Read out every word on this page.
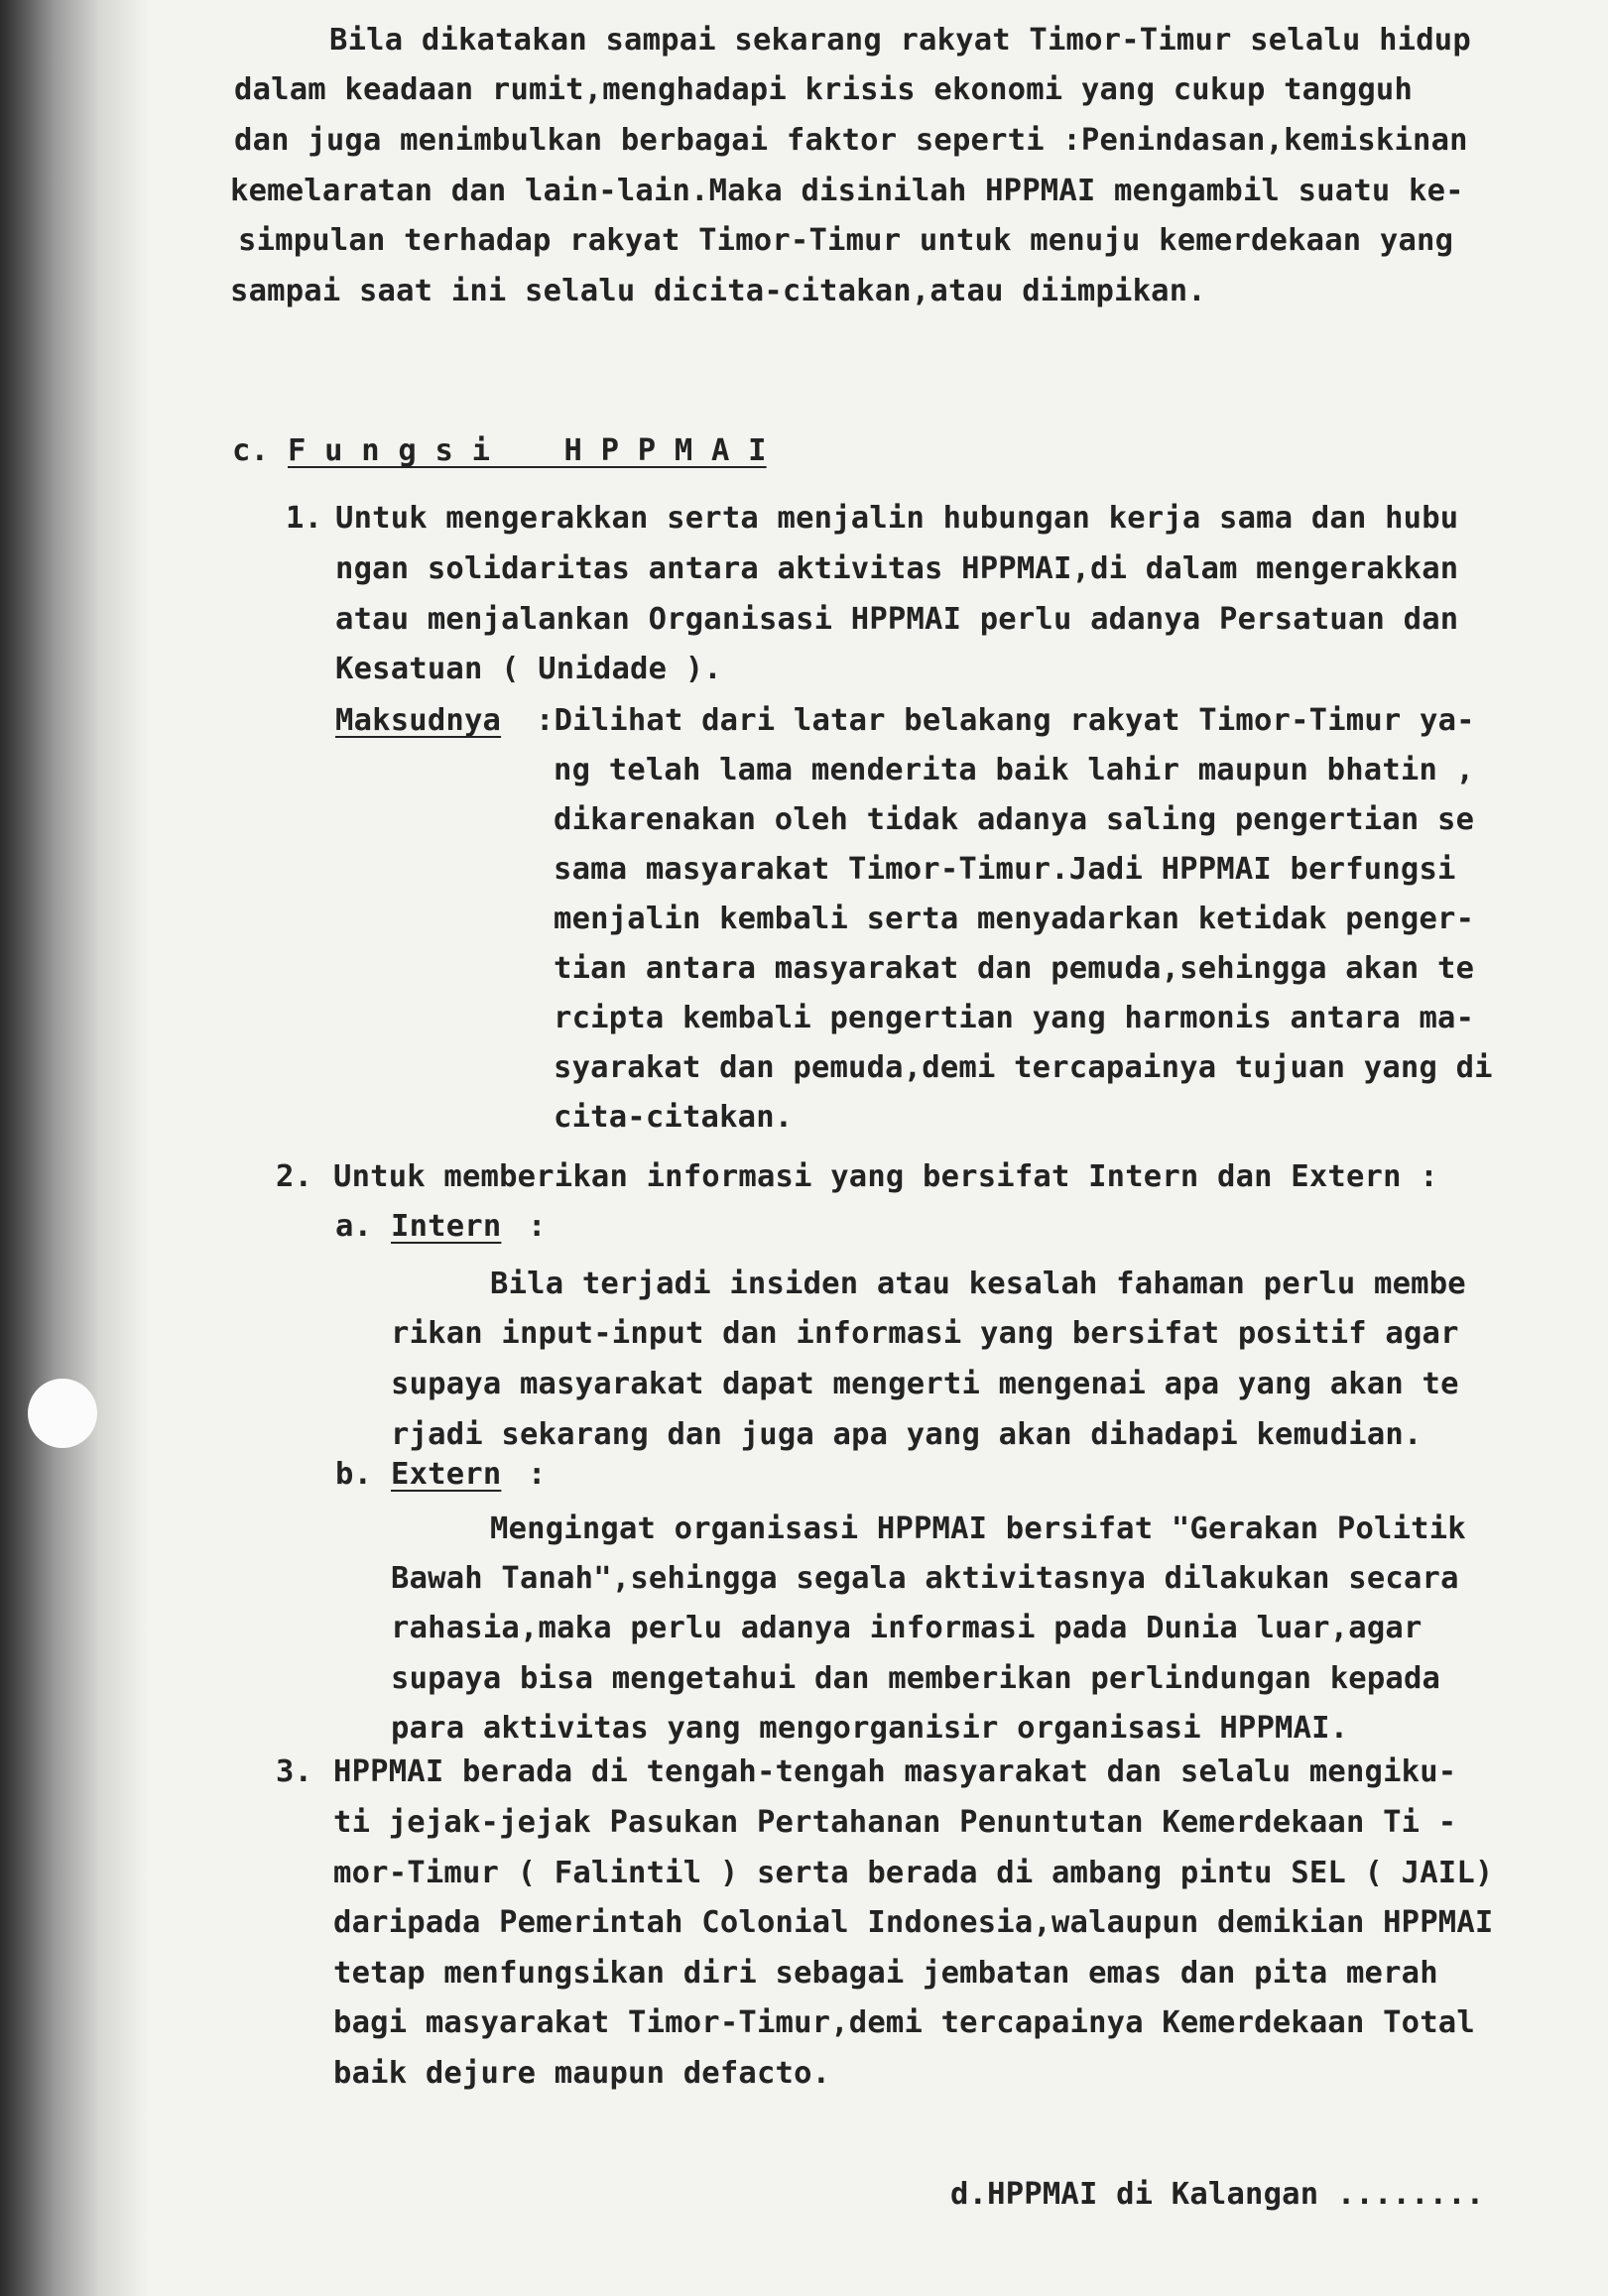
Bila dikatakan sampai sekarang rakyat Timor-Timur selalu hidup
dalam keadaan rumit,menghadapi krisis ekonomi yang cukup tangguh
dan juga menimbulkan berbagai faktor seperti :Penindasan,kemiskinan
kemelaratan dan lain-lain.Maka disinilah HPPMAI mengambil suatu ke-
simpulan terhadap rakyat Timor-Timur untuk menuju kemerdekaan yang
sampai saat ini selalu dicita-citakan,atau diimpikan.
c. F u n g s i    H P P M A I
1. Untuk mengerakkan serta menjalin hubungan kerja sama dan hubu
ngan solidaritas antara aktivitas HPPMAI,di dalam mengerakkan
atau menjalankan Organisasi HPPMAI perlu adanya Persatuan dan
Kesatuan ( Unidade ).
Maksudnya :Dilihat dari latar belakang rakyat Timor-Timur ya-
ng telah lama menderita baik lahir maupun bhatin ,
dikarenakan oleh tidak adanya saling pengertian se
sama masyarakat Timor-Timur.Jadi HPPMAI berfungsi
menjalin kembali serta menyadarkan ketidak penger-
tian antara masyarakat dan pemuda,sehingga akan te
rcipta kembali pengertian yang harmonis antara ma-
syarakat dan pemuda,demi tercapainya tujuan yang di
cita-citakan.
2. Untuk memberikan informasi yang bersifat Intern dan Extern :
a. Intern :
Bila terjadi insiden atau kesalah fahaman perlu membe
rikan input-input dan informasi yang bersifat positif agar
supaya masyarakat dapat mengerti mengenai apa yang akan te
rjadi sekarang dan juga apa yang akan dihadapi kemudian.
b. Extern :
Mengingat organisasi HPPMAI bersifat "Gerakan Politik
Bawah Tanah",sehingga segala aktivitasnya dilakukan secara
rahasia,maka perlu adanya informasi pada Dunia luar,agar
supaya bisa mengetahui dan memberikan perlindungan kepada
para aktivitas yang mengorganisir organisasi HPPMAI.
3. HPPMAI berada di tengah-tengah masyarakat dan selalu mengiku-
ti jejak-jejak Pasukan Pertahanan Penuntutan Kemerdekaan Ti -
mor-Timur ( Falintil ) serta berada di ambang pintu SEL ( JAIL)
daripada Pemerintah Colonial Indonesia,walaupun demikian HPPMAI
tetap menfungsikan diri sebagai jembatan emas dan pita merah
bagi masyarakat Timor-Timur,demi tercapainya Kemerdekaan Total
baik dejure maupun defacto.
d.HPPMAI di Kalangan ........
